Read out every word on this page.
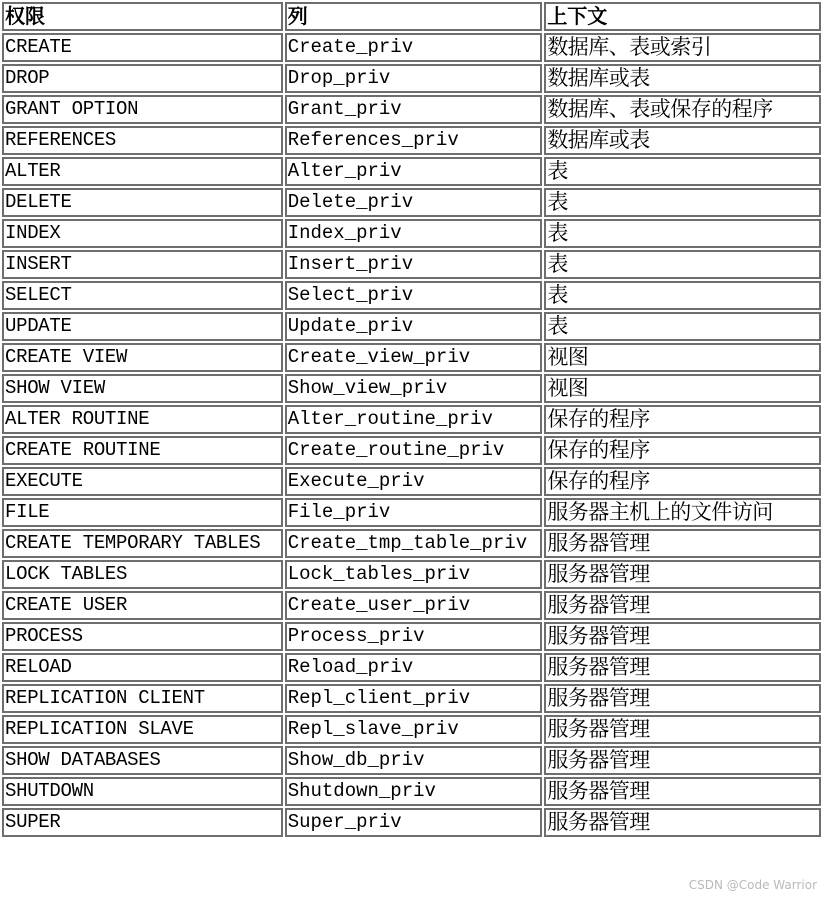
权限	列	上下文
CREATE	Create_priv	数据库、表或索引
DROP	Drop_priv	数据库或表
GRANT OPTION	Grant_priv	数据库、表或保存的程序
REFERENCES	References_priv	数据库或表
ALTER	Alter_priv	表
DELETE	Delete_priv	表
INDEX	Index_priv	表
INSERT	Insert_priv	表
SELECT	Select_priv	表
UPDATE	Update_priv	表
CREATE VIEW	Create_view_priv	视图
SHOW VIEW	Show_view_priv	视图
ALTER ROUTINE	Alter_routine_priv	保存的程序
CREATE ROUTINE	Create_routine_priv	保存的程序
EXECUTE	Execute_priv	保存的程序
FILE	File_priv	服务器主机上的文件访问
CREATE TEMPORARY TABLES	Create_tmp_table_priv	服务器管理
LOCK TABLES	Lock_tables_priv	服务器管理
CREATE USER	Create_user_priv	服务器管理
PROCESS	Process_priv	服务器管理
RELOAD	Reload_priv	服务器管理
REPLICATION CLIENT	Repl_client_priv	服务器管理
REPLICATION SLAVE	Repl_slave_priv	服务器管理
SHOW DATABASES	Show_db_priv	服务器管理
SHUTDOWN	Shutdown_priv	服务器管理
SUPER	Super_priv	服务器管理
CSDN @Code Warrior
